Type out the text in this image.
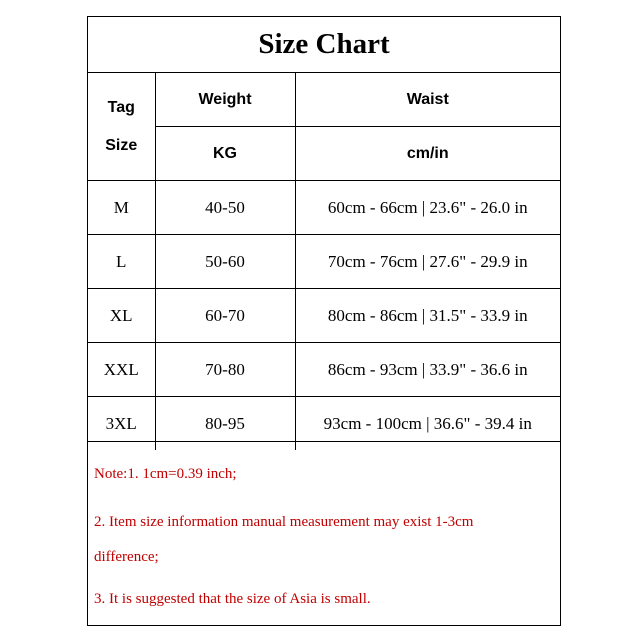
Size Chart
Tag
Size	Weight	Waist
	KG	cm/in
M	40-50	60cm - 66cm | 23.6" - 26.0 in
L	50-60	70cm - 76cm | 27.6" - 29.9 in
XL	60-70	80cm - 86cm | 31.5" - 33.9 in
XXL	70-80	86cm - 93cm | 33.9" - 36.6 in
3XL	80-95	93cm - 100cm | 36.6" - 39.4 in
Note:1. 1cm=0.39 inch;
2. Item size information manual measurement may exist 1-3cm
difference;
3. It is suggested that the size of Asia is small.
